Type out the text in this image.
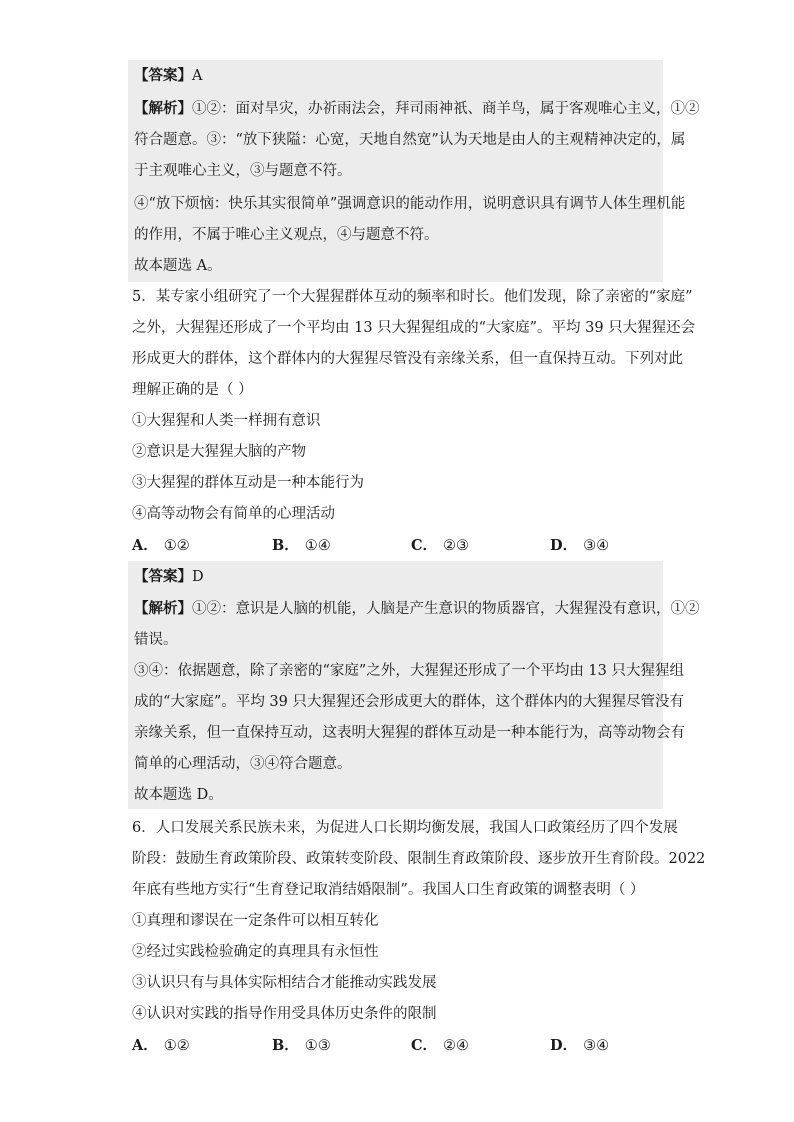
【答案】A
【解析】①②：面对旱灾，办祈雨法会，拜司雨神祇、商羊鸟，属于客观唯心主义，①②
符合题意。③：“放下狭隘：心宽，天地自然宽”认为天地是由人的主观精神决定的，属
于主观唯心主义，③与题意不符。
④“放下烦恼：快乐其实很简单”强调意识的能动作用，说明意识具有调节人体生理机能
的作用，不属于唯心主义观点，④与题意不符。
故本题选 A。
5．某专家小组研究了一个大猩猩群体互动的频率和时长。他们发现，除了亲密的“家庭”
之外，大猩猩还形成了一个平均由 13 只大猩猩组成的“大家庭”。平均 39 只大猩猩还会
形成更大的群体，这个群体内的大猩猩尽管没有亲缘关系，但一直保持互动。下列对此
理解正确的是（ ）
①大猩猩和人类一样拥有意识
②意识是大猩猩大脑的产物
③大猩猩的群体互动是一种本能行为
④高等动物会有简单的心理活动
A． ①②	B． ①④	C． ②③	D． ③④
【答案】D
【解析】①②：意识是人脑的机能，人脑是产生意识的物质器官，大猩猩没有意识，①②
错误。
③④：依据题意，除了亲密的“家庭”之外，大猩猩还形成了一个平均由 13 只大猩猩组
成的“大家庭”。平均 39 只大猩猩还会形成更大的群体，这个群体内的大猩猩尽管没有
亲缘关系，但一直保持互动，这表明大猩猩的群体互动是一种本能行为，高等动物会有
简单的心理活动，③④符合题意。
故本题选 D。
6．人口发展关系民族未来，为促进人口长期均衡发展，我国人口政策经历了四个发展
阶段：鼓励生育政策阶段、政策转变阶段、限制生育政策阶段、逐步放开生育阶段。2022
年底有些地方实行“生育登记取消结婚限制”。我国人口生育政策的调整表明（ ）
①真理和谬误在一定条件可以相互转化
②经过实践检验确定的真理具有永恒性
③认识只有与具体实际相结合才能推动实践发展
④认识对实践的指导作用受具体历史条件的限制
A． ①②	B． ①③	C． ②④	D． ③④
